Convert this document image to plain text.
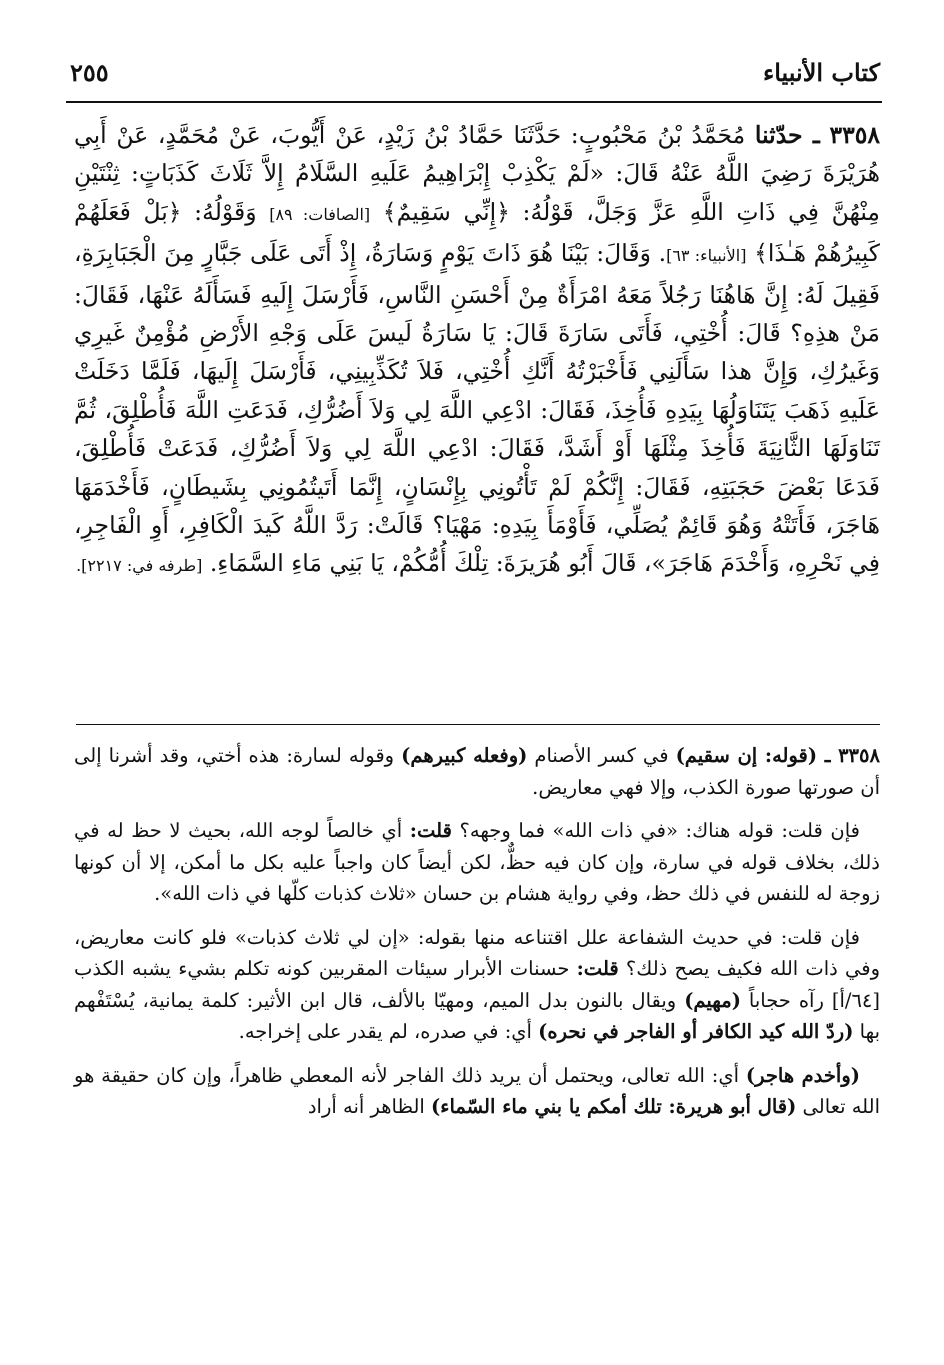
كتاب الأنبياء
٢٥٥
٣٣٥٨ ـ حدّثنا مُحَمَّدُ بْنُ مَحْبُوبٍ: حَدَّثَنَا حَمَّادُ بْنُ زَيْدٍ، عَنْ أَيُّوبَ، عَنْ مُحَمَّدٍ، عَنْ أَبِي هُرَيْرَةَ رَضِيَ اللَّهُ عَنْهُ قَالَ: «لَمْ يَكْذِبْ إِبْرَاهِيمُ عَلَيهِ السَّلَامُ إِلاَّ ثَلَاثَ كَذَبَاتٍ: ثِنْتَيْنِ مِنْهُنَّ فِي ذَاتِ اللَّهِ عَزَّ وَجَلَّ، قَوْلُهُ: ﴿إِنِّي سَقِيمٌ﴾ [الصافات: ٨٩] وَقَوْلُهُ: ﴿بَلْ فَعَلَهُمْ كَبِيرُهُمْ هَـٰذَا﴾ [الأنبياء: ٦٣]. وَقَالَ: بَيْنَا هُوَ ذَاتَ يَوْمٍ وَسَارَةُ، إِذْ أَتَى عَلَى جَبَّارٍ مِنَ الْجَبَابِرَةِ، فَقِيلَ لَهُ: إِنَّ هَاهُنَا رَجُلاً مَعَهُ امْرَأَةٌ مِنْ أَحْسَنِ النَّاسِ، فَأَرْسَلَ إِلَيهِ فَسَأَلَهُ عَنْهَا، فَقَالَ: مَنْ هذِهِ؟ قَالَ: أُخْتِي، فَأَتَى سَارَةَ قَالَ: يَا سَارَةُ لَيسَ عَلَى وَجْهِ الأَرْضِ مُؤْمِنٌ غَيرِي وَغَيرُكِ، وَإِنَّ هذا سَأَلَنِي فَأَخْبَرْتُهُ أَنَّكِ أُخْتِي، فَلاَ تُكَذِّبِينِي، فَأَرْسَلَ إِلَيهَا، فَلَمَّا دَخَلَتْ عَلَيهِ ذَهَبَ يَتَنَاوَلُهَا بِيَدِهِ فَأُخِذَ، فَقَالَ: ادْعِي اللَّهَ لِي وَلاَ أَضُرُّكِ، فَدَعَتِ اللَّهَ فَأُطْلِقَ، ثُمَّ تَنَاوَلَهَا الثَّانِيَةَ فَأُخِذَ مِثْلَهَا أَوْ أَشَدَّ، فَقَالَ: ادْعِي اللَّهَ لِي وَلاَ أَضُرُّكِ، فَدَعَتْ فَأُطْلِقَ، فَدَعَا بَعْضَ حَجَبَتِهِ، فَقَالَ: إِنَّكُمْ لَمْ تَأْتُونِي بِإِنْسَانٍ، إِنَّمَا أَتَيتُمُونِي بِشَيطَانٍ، فَأَخْدَمَهَا هَاجَرَ، فَأَتَتْهُ وَهُوَ قَائِمٌ يُصَلِّي، فَأَوْمَأَ بِيَدِهِ: مَهْيَا؟ قَالَتْ: رَدَّ اللَّهُ كَيدَ الْكَافِرِ، أَوِ الْفَاجِرِ، فِي نَحْرِهِ، وَأَخْدَمَ هَاجَرَ»، قَالَ أَبُو هُرَيرَةَ: تِلْكَ أُمُّكُمْ، يَا بَنِي مَاءِ السَّمَاءِ. [طرفه في: ٢٢١٧].

٣٣٥٨ ـ (قوله: إن سقيم) في كسر الأصنام (وفعله كبيرهم) وقوله لسارة: هذه أختي، وقد أشرنا إلى أن صورتها صورة الكذب، وإلا فهي معاريض.

فإن قلت: قوله هناك: «في ذات الله» فما وجهه؟ قلت: أي خالصاً لوجه الله، بحيث لا حظ له في ذلك، بخلاف قوله في سارة، وإن كان فيه حظٌّ، لكن أيضاً كان واجباً عليه بكل ما أمكن، إلا أن كونها زوجة له للنفس في ذلك حظ، وفي رواية هشام بن حسان «ثلاث كذبات كلّها في ذات الله».

فإن قلت: في حديث الشفاعة علل اقتناعه منها بقوله: «إن لي ثلاث كذبات» فلو كانت معاريض، وفي ذات الله فكيف يصح ذلك؟ قلت: حسنات الأبرار سيئات المقربين كونه تكلم بشيء يشبه الكذب [٦٤/أ] رآه حجاباً (مهيم) ويقال بالنون بدل الميم، ومهيّا بالألف، قال ابن الأثير: كلمة يمانية، يُسْتَفْهم بها (ردّ الله كيد الكافر أو الفاجر في نحره) أي: في صدره، لم يقدر على إخراجه.

(وأخدم هاجر) أي: الله تعالى، ويحتمل أن يريد ذلك الفاجر لأنه المعطي ظاهراً، وإن كان حقيقة هو الله تعالى (قال أبو هريرة: تلك أمكم يا بني ماء السّماء) الظاهر أنه أراد
